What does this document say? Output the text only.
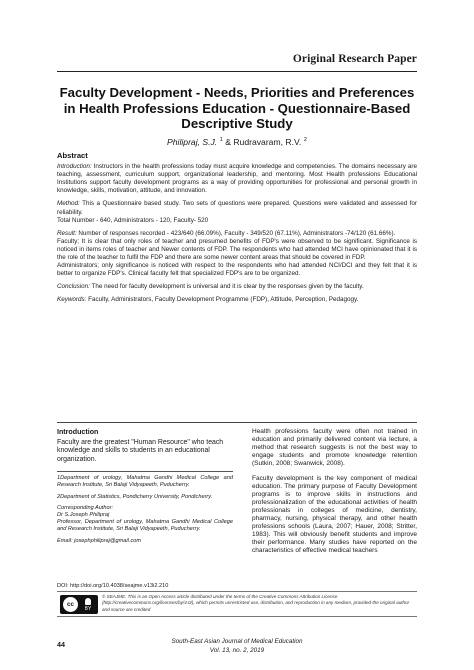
Original Research Paper
Faculty Development - Needs, Priorities and Preferences in Health Professions Education - Questionnaire-Based Descriptive Study
Philipraj, S.J. $^1$ & Rudravaram, R.V. $^2$
Abstract

Introduction: Instructors in the health professions today must acquire knowledge and competencies. The domains necessary are teaching, assessment, curriculum support, organizational leadership, and mentoring. Most Health professions Educational Institutions support faculty development programs as a way of providing opportunities for professional and personal growth in knowledge, skills, motivation, attitude, and innovation.

Method: This a Questionnaire based study. Two sets of questions were prepared. Questions were validated and assessed for reliability.

Total Number - 640, Administrators - 120, Faculty- 520

Result: Number of responses recorded - 423/640 (66.09%), Faculty - 349/520 (67.11%), Administrators -74/120 (61.66%).

Faculty; It is clear that only roles of teacher and presumed benefits of FDP's were observed to be significant. Significance is noticed in items roles of teacher and Newer contents of FDP. The respondents who had attended MCI have opinionated that it is the role of the teacher to fulfil the FDP and there are some newer content areas that should be covered in FDP.

Administrators; only significance is noticed with respect to the respondents who had attended NCI/DCI and they felt that it is better to organize FDP's. Clinical faculty felt that specialized FDP's are to be organized.

Conclusion: The need for faculty development is universal and it is clear by the responses given by the faculty.

Keywords: Faculty, Administrators, Faculty Development Programme (FDP), Attitude, Perception, Pedagogy.

Introduction

Faculty are the greatest "Human Resource" who teach knowledge and skills to students in an educational organization.

1Department of urology, Mahatma Gandhi Medical College and Research Institute, Sri Balaji Vidyapeeth, Puducherry.

2Department of Statistics, Pondicherry University, Pondicherry.

Corresponding Author:

Dr S.Joseph Philipraj

Professor, Department of urology, Mahatma Gandhi Medical College and Research Institute, Sri Balaji Vidyapeeth, Puducherry.

Email: josephphilipraj@gmail.com

Health professions faculty were often not trained in education and primarily delivered content via lecture, a method that research suggests is not the best way to engage students and promote knowledge retention (Sutkin, 2008; Swanwick, 2008).

Faculty development is the key component of medical education. The primary purpose of Faculty Development programs is to improve skills in instructions and professionalization of the educational activities of health professionals in colleges of medicine, dentistry, pharmacy, nursing, physical therapy, and other health professions schools (Laura, 2007; Hauer, 2008; Stritter, 1983). This will obviously benefit students and improve their performance. Many studies have reported on the characteristics of effective medical teachers

DOI: http://doi.org/10.4038/seajme.v13i2.210
cc
BY
© SEAJME. This is an Open Access article distributed under the terms of the Creative Commons Attribution License (http://creativecommons.org/licenses/by/4.0/), which permits unrestricted use, distribution, and reproduction in any medium, provided the original author and source are credited
44	South-East Asian Journal of Medical Education
Vol. 13, no. 2, 2019
